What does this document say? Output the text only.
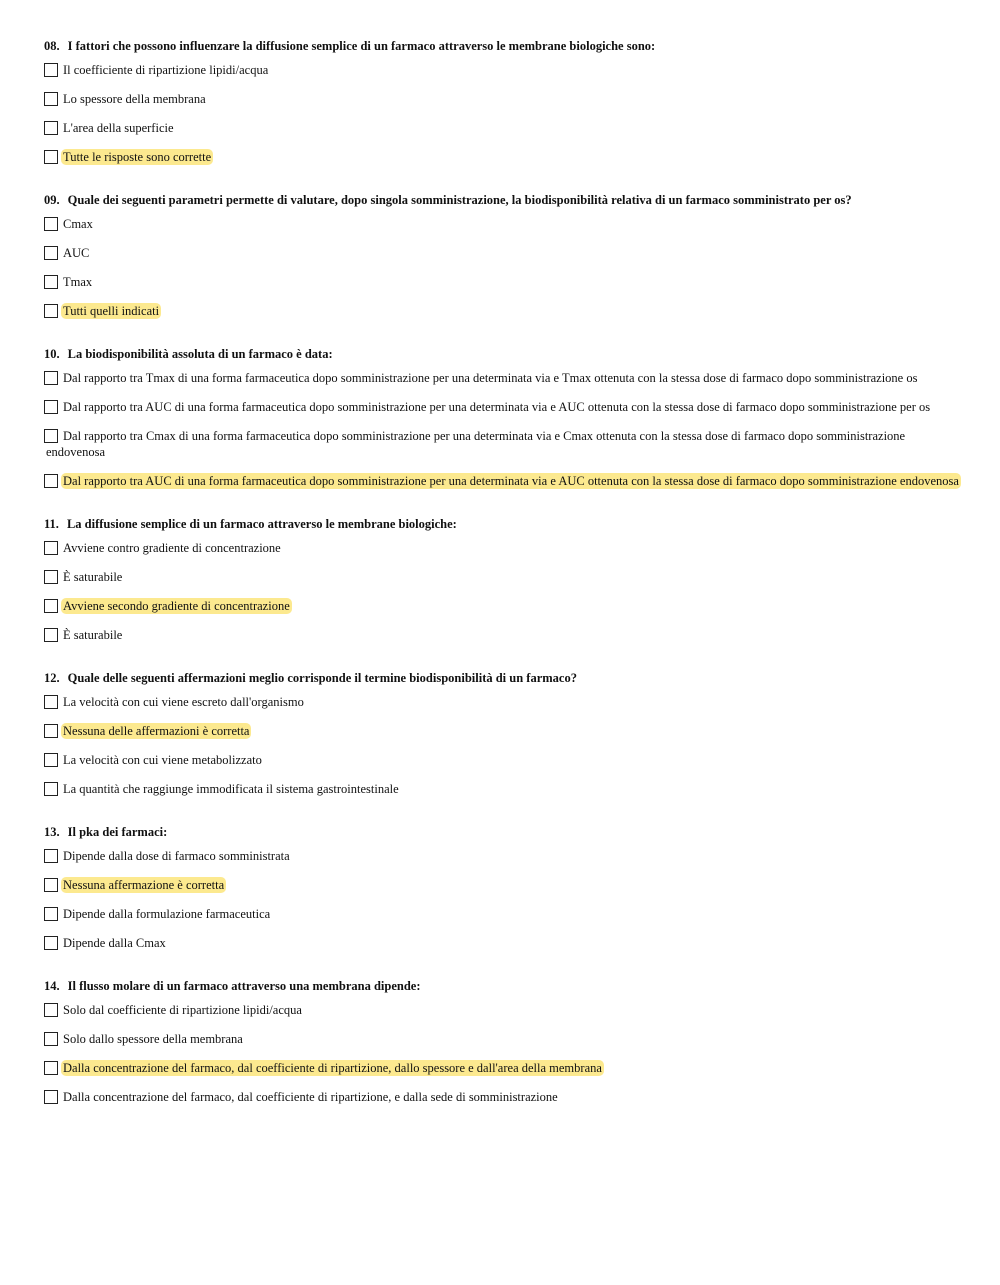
08. I fattori che possono influenzare la diffusione semplice di un farmaco attraverso le membrane biologiche sono:
Il coefficiente di ripartizione lipidi/acqua
Lo spessore della membrana
L'area della superficie
Tutte le risposte sono corrette
09. Quale dei seguenti parametri permette di valutare, dopo singola somministrazione, la biodisponibilità relativa di un farmaco somministrato per os?
Cmax
AUC
Tmax
Tutti quelli indicati
10. La biodisponibilità assoluta di un farmaco è data:
Dal rapporto tra Tmax di una forma farmaceutica dopo somministrazione per una determinata via e Tmax ottenuta con la stessa dose di farmaco dopo somministrazione os
Dal rapporto tra AUC di una forma farmaceutica dopo somministrazione per una determinata via e AUC ottenuta con la stessa dose di farmaco dopo somministrazione per os
Dal rapporto tra Cmax di una forma farmaceutica dopo somministrazione per una determinata via e Cmax ottenuta con la stessa dose di farmaco dopo somministrazione endovenosa
Dal rapporto tra AUC di una forma farmaceutica dopo somministrazione per una determinata via e AUC ottenuta con la stessa dose di farmaco dopo somministrazione endovenosa
11. La diffusione semplice di un farmaco attraverso le membrane biologiche:
Avviene contro gradiente di concentrazione
È saturabile
Avviene secondo gradiente di concentrazione
È saturabile
12. Quale delle seguenti affermazioni meglio corrisponde il termine biodisponibilità di un farmaco?
La velocità con cui viene escreto dall'organismo
Nessuna delle affermazioni è corretta
La velocità con cui viene metabolizzato
La quantità che raggiunge immodificata il sistema gastrointestinale
13. Il pka dei farmaci:
Dipende dalla dose di farmaco somministrata
Nessuna affermazione è corretta
Dipende dalla formulazione farmaceutica
Dipende dalla Cmax
14. Il flusso molare di un farmaco attraverso una membrana dipende:
Solo dal coefficiente di ripartizione lipidi/acqua
Solo dallo spessore della membrana
Dalla concentrazione del farmaco, dal coefficiente di ripartizione, dallo spessore e dall'area della membrana
Dalla concentrazione del farmaco, dal coefficiente di ripartizione, e dalla sede di somministrazione
